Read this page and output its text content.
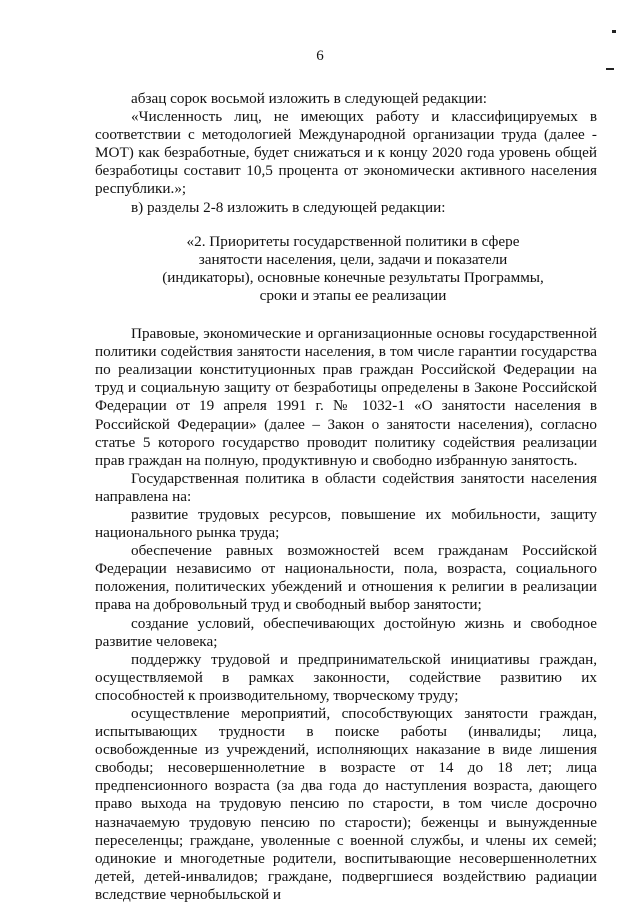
6

абзац сорок восьмой изложить в следующей редакции:

«Численность лиц, не имеющих работу и классифицируемых в соответствии с методологией Международной организации труда (далее - МОТ) как безработные, будет снижаться и к концу 2020 года уровень общей безработицы составит 10,5 процента от экономически активного населения республики.»;

в) разделы 2-8 изложить в следующей редакции:

«2. Приоритеты государственной политики в сфере
занятости населения, цели, задачи и показатели
(индикаторы), основные конечные результаты Программы,
сроки и этапы ее реализации

Правовые, экономические и организационные основы государственной политики содействия занятости населения, в том числе гарантии государства по реализации конституционных прав граждан Российской Федерации на труд и социальную защиту от безработицы определены в Законе Российской Федерации от 19 апреля 1991 г. № 1032-1 «О занятости населения в Российской Федерации» (далее – Закон о занятости населения), согласно статье 5 которого государство проводит политику содействия реализации прав граждан на полную, продуктивную и свободно избранную занятость.

Государственная политика в области содействия занятости населения направлена на:

развитие трудовых ресурсов, повышение их мобильности, защиту национального рынка труда;

обеспечение равных возможностей всем гражданам Российской Федерации независимо от национальности, пола, возраста, социального положения, политических убеждений и отношения к религии в реализации права на добровольный труд и свободный выбор занятости;

создание условий, обеспечивающих достойную жизнь и свободное развитие человека;

поддержку трудовой и предпринимательской инициативы граждан, осуществляемой в рамках законности, содействие развитию их способностей к производительному, творческому труду;

осуществление мероприятий, способствующих занятости граждан, испытывающих трудности в поиске работы (инвалиды; лица, освобожденные из учреждений, исполняющих наказание в виде лишения свободы; несовершеннолетние в возрасте от 14 до 18 лет; лица предпенсионного возраста (за два года до наступления возраста, дающего право выхода на трудовую пенсию по старости, в том числе досрочно назначаемую трудовую пенсию по старости); беженцы и вынужденные переселенцы; граждане, уволенные с военной службы, и члены их семей; одинокие и многодетные родители, воспитывающие несовершеннолетних детей, детей-инвалидов; граждане, подвергшиеся воздействию радиации вследствие чернобыльской и
